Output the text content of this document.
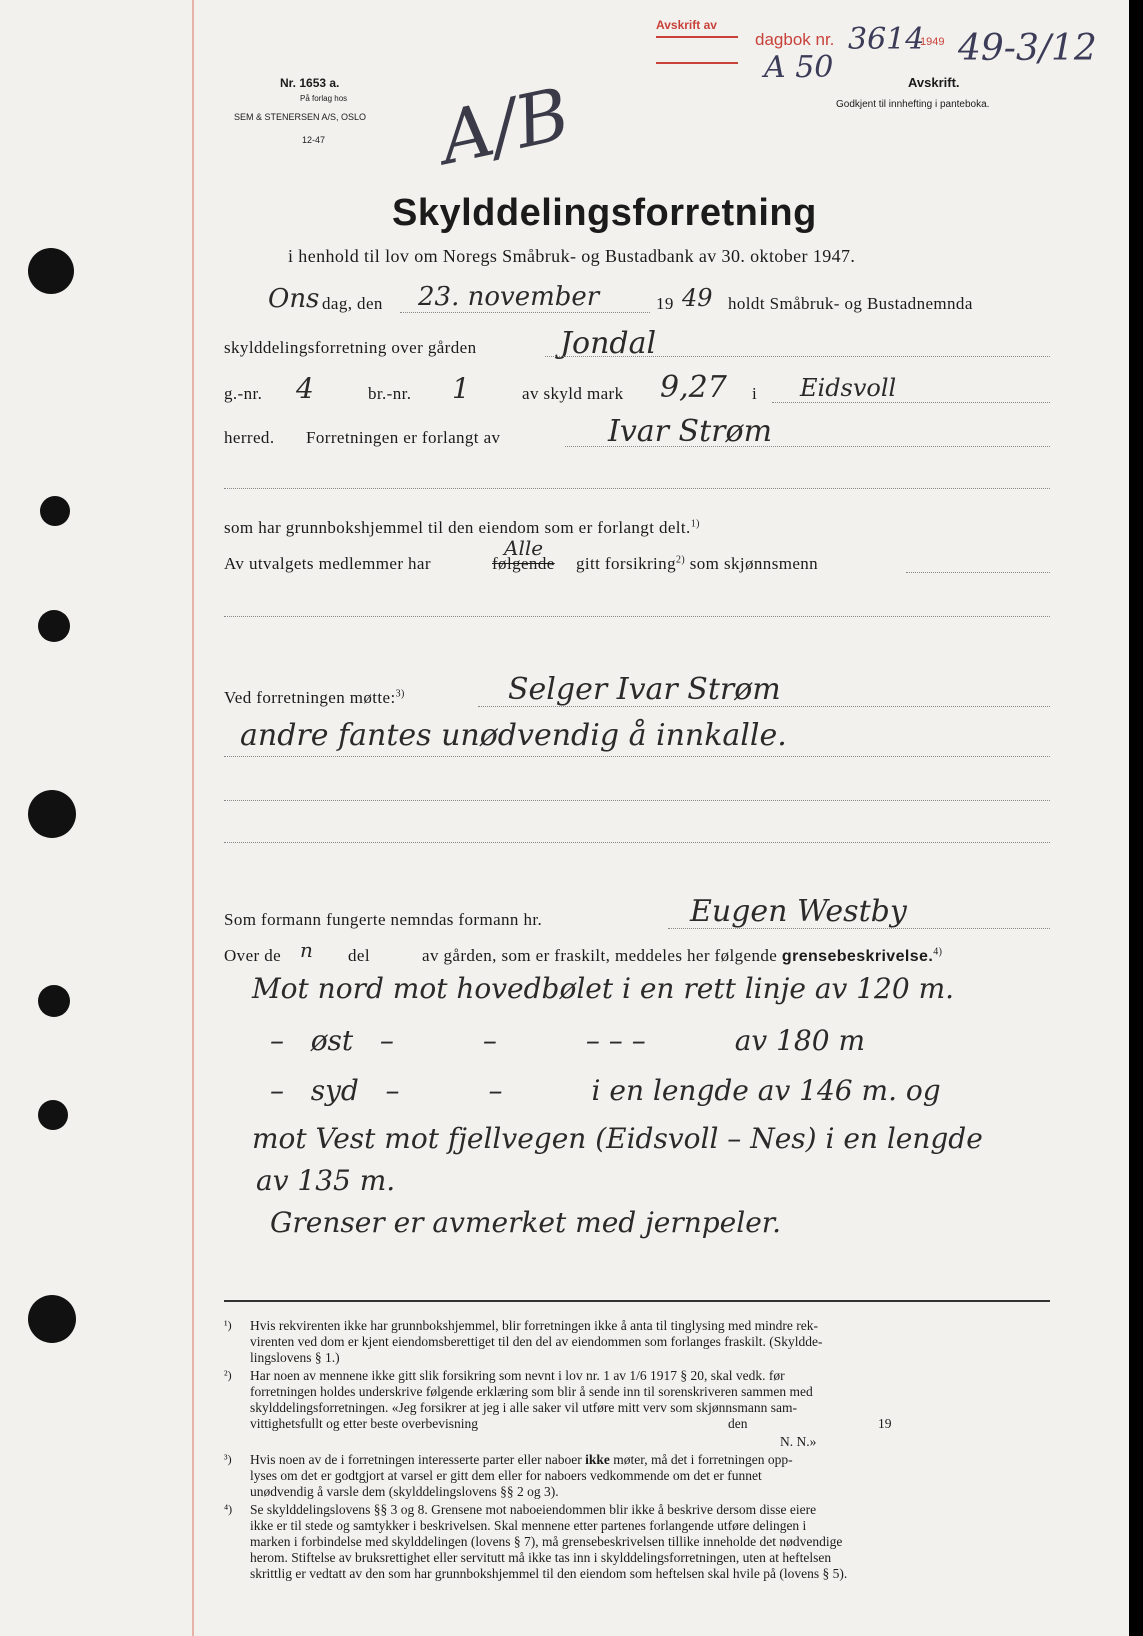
Nr. 1653 a.
På forlag hos
SEM & STENERSEN A/S, OSLO
12-47 A/B
Avskrift av
dagbok nr. 3614
1949 49-3/12
A 50	Avskrift.
Godkjent til innhefting i panteboka.
Skylddelingsforretning
i henhold til lov om Noregs Småbruk- og Bustadbank av 30. oktober 1947.
Ons dag, den 23. november	19 49 holdt Småbruk- og Bustadnemnda
skylddelingsforretning over gården	Jondal
g.-nr. 4	br.-nr. 1	av skyld mark 9,27 i Eidsvoll
herred. Forretningen er forlangt av	Ivar Strøm
som har grunnbokshjemmel til den eiendom som er forlangt delt.$^{1)}$
Av utvalgets medlemmer har
Alle
følgende gitt forsikring$^{2)}$ som skjønnsmenn
Ved forretningen møtte:$^{3)}$	Selger Ivar Strøm
andre fantes unødvendig å innkalle.
Som formann fungerte nemndas formann hr.	Eugen Westby
Over de n del	av gården, som er fraskilt, meddeles her følgende grensebeskrivelse.$^{4)}$
Mot nord mot hovedbølet i en rett linje av 120 m.
–   øst   –          –          – – –          av 180 m
–   syd   –          –          i en lengde av 146 m. og
mot Vest mot fjellvegen (Eidsvoll – Nes) i en lengde
av 135 m.
Grenser er avmerket med jernpeler.
¹) Hvis rekvirenten ikke har grunnbokshjemmel, blir forretningen ikke å anta til tinglysing med mindre rek-
virenten ved dom er kjent eiendomsberettiget til den del av eiendommen som forlanges fraskilt. (Skyldde-
lingslovens § 1.)
²) Har noen av mennene ikke gitt slik forsikring som nevnt i lov nr. 1 av 1/6 1917 § 20, skal vedk. før
forretningen holdes underskrive følgende erklæring som blir å sende inn til sorenskriveren sammen med
skylddelingsforretningen. «Jeg forsikrer at jeg i alle saker vil utføre mitt verv som skjønnsmann sam-
vittighetsfullt og etter beste overbevisning	den	19
N. N.»
³) Hvis noen av de i forretningen interesserte parter eller naboer ikke møter, må det i forretningen opp-
lyses om det er godtgjort at varsel er gitt dem eller for naboers vedkommende om det er funnet
unødvendig å varsle dem (skylddelingslovens §§ 2 og 3).
⁴) Se skylddelingslovens §§ 3 og 8. Grensene mot naboeiendommen blir ikke å beskrive dersom disse eiere
ikke er til stede og samtykker i beskrivelsen. Skal mennene etter partenes forlangende utføre delingen i
marken i forbindelse med skylddelingen (lovens § 7), må grensebeskrivelsen tillike inneholde det nødvendige
herom. Stiftelse av bruksrettighet eller servitutt må ikke tas inn i skylddelingsforretningen, uten at heftelsen
skrittlig er vedtatt av den som har grunnbokshjemmel til den eiendom som heftelsen skal hvile på (lovens § 5).
